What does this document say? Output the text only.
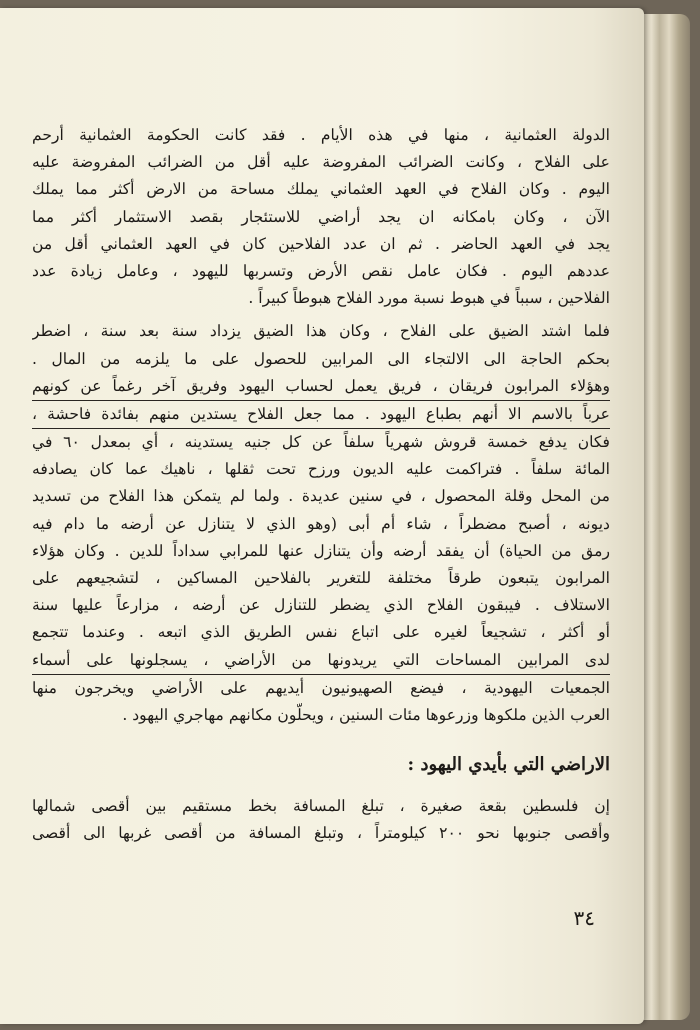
الدولة العثمانية ، منها في هذه الأيام . فقد كانت الحكومة العثمانية أرحم
على الفلاح ، وكانت الضرائب المفروضة عليه أقل من الضرائب المفروضة عليه
اليوم . وكان الفلاح في العهد العثماني يملك مساحة من الارض أكثر مما يملك
الآن ، وكان بامكانه ان يجد أراضي للاستئجار بقصد الاستثمار أكثر مما
يجد في العهد الحاضر . ثم ان عدد الفلاحين كان في العهد العثماني أقل من
عددهم اليوم . فكان عامل نقص الأرض وتسربها لليهود ، وعامل زيادة عدد
الفلاحين ، سبباً في هبوط نسبة مورد الفلاح هبوطاً كبيراً .
فلما اشتد الضيق على الفلاح ، وكان هذا الضيق يزداد سنة بعد سنة ، اضطر
بحكم الحاجة الى الالتجاء الى المرابين للحصول على ما يلزمه من المال .
وهؤلاء المرابون فريقان ، فريق يعمل لحساب اليهود وفريق آخر رغماً عن كونهم
عرباً بالاسم الا أنهم بطباع اليهود . مما جعل الفلاح يستدين منهم بفائدة فاحشة ،
فكان يدفع خمسة قروش شهرياً سلفاً عن كل جنيه يستدينه ، أي بمعدل ٦٠ في
المائة سلفاً . فتراكمت عليه الديون ورزح تحت ثقلها ، ناهيك عما كان يصادفه
من المحل وقلة المحصول ، في سنين عديدة . ولما لم يتمكن هذا الفلاح من تسديد
ديونه ، أصبح مضطراً ، شاء أم أبى (وهو الذي لا يتنازل عن أرضه ما دام فيه
رمق من الحياة) أن يفقد أرضه وأن يتنازل عنها للمرابي سداداً للدين . وكان هؤلاء
المرابون يتبعون طرقاً مختلفة للتغرير بالفلاحين المساكين ، لتشجيعهم على
الاستلاف . فيبقون الفلاح الذي يضطر للتنازل عن أرضه ، مزارعاً عليها سنة
أو أكثر ، تشجيعاً لغيره على اتباع نفس الطريق الذي اتبعه . وعندما تتجمع
لدى المرابين المساحات التي يريدونها من الأراضي ، يسجلونها على أسماء
الجمعيات اليهودية ، فيضع الصهيونيون أيديهم على الأراضي ويخرجون منها
العرب الذين ملكوها وزرعوها مئات السنين ، ويحلّون مكانهم مهاجري اليهود .
الاراضي التي بأيدي اليهود :
إن فلسطين بقعة صغيرة ، تبلغ المسافة بخط مستقيم بين أقصى شمالها
وأقصى جنوبها نحو ٢٠٠ كيلومتراً ، وتبلغ المسافة من أقصى غربها الى أقصى
٣٤
